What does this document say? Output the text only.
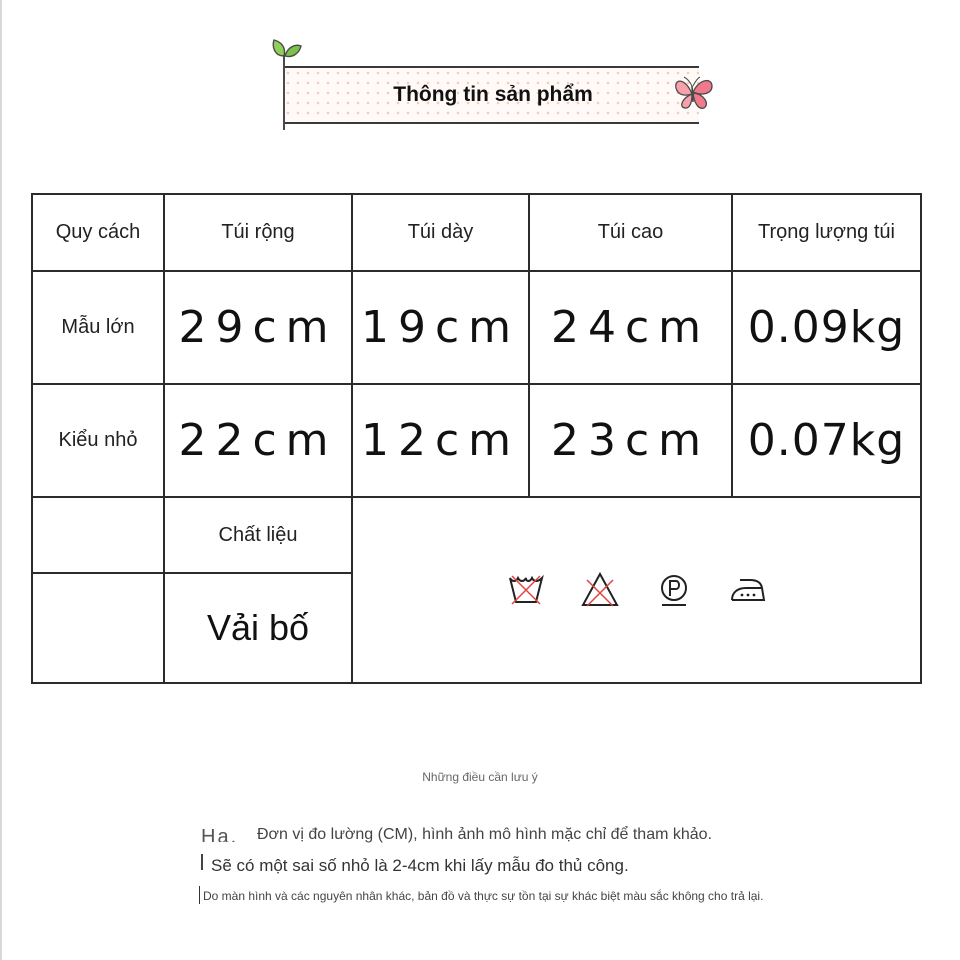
Thông tin sản phẩm
Quy cách	Túi rộng	Túi dày	Túi cao	Trọng lượng túi
Mẫu lớn	29cm	19cm	24cm	0.09kg
Kiểu nhỏ	22cm	12cm	23cm	0.07kg
	Chất liệu	

	Vải bố			
Những điều cần lưu ý
Ha. Đơn vị đo lường (CM), hình ảnh mô hình mặc chỉ để tham khảo.
Sẽ có một sai số nhỏ là 2-4cm khi lấy mẫu đo thủ công.
Do màn hình và các nguyên nhân khác, bản đồ và thực sự tồn tại sự khác biệt màu sắc không cho trả lại.
